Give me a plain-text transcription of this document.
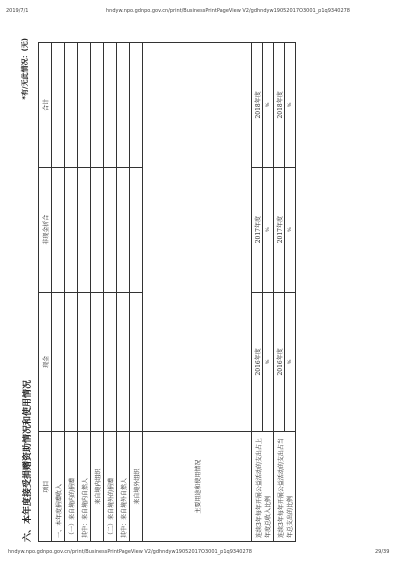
2019/7/1	hndyw.npo.gdnpo.gov.cn/print/BusinessPrintPageView V2/gdhndyw19052017O3001_p1q9340278
六、本年度接受捐赠资助情况和使用情况
*有/无此情况：(无)
项目	现金	非现金折合	合计
一、本年度捐赠收入			
（一）来自境内的捐赠			
其中：来自境内自然人			
来自境内组织			
（二）来自境外的捐赠			
其中：来自境外自然人			
来自境外组织			
主要用途和使用情况			
连续3年每年开展公益活动的支出占上年度总收入比例	2016年度	2017年度	2018年度
	%	%	%
连续3年每年开展公益活动的支出占当年总支出的比例	2016年度	2017年度	2018年度
	%	%	%
hndyw.npo.gdnpo.gov.cn/print/BusinessPrintPageView V2/gdhndyw19052017O3001_p1q9340278	29/39
